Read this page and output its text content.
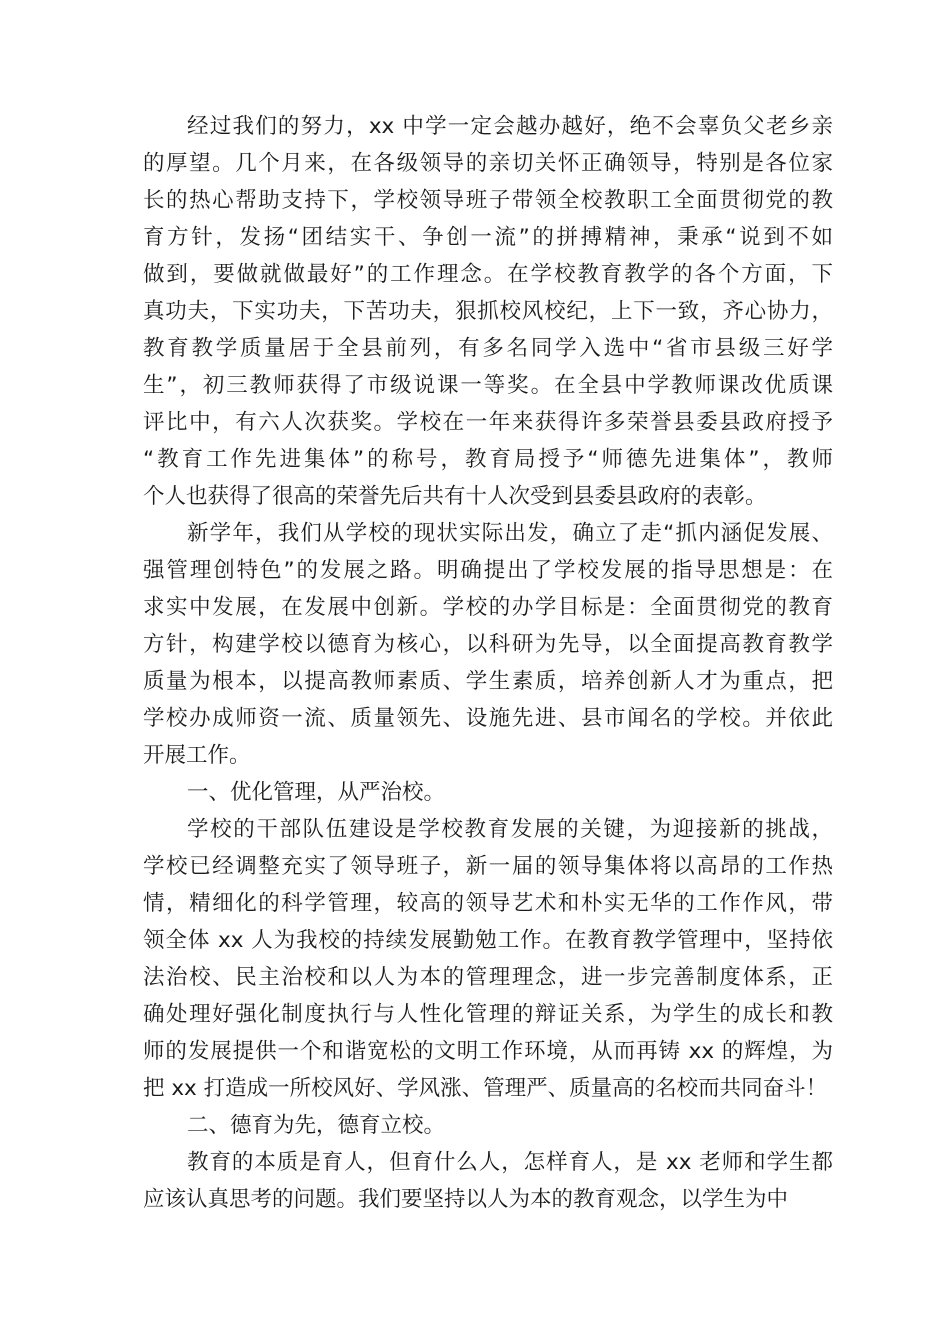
经过我们的努力，xx 中学一定会越办越好，绝不会辜负父老乡亲
的厚望。几个月来，在各级领导的亲切关怀正确领导，特别是各位家
长的热心帮助支持下，学校领导班子带领全校教职工全面贯彻党的教
育方针，发扬“团结实干、争创一流”的拼搏精神，秉承“说到不如
做到，要做就做最好”的工作理念。在学校教育教学的各个方面，下
真功夫，下实功夫，下苦功夫，狠抓校风校纪，上下一致，齐心协力，
教育教学质量居于全县前列，有多名同学入选中“省市县级三好学
生”，初三教师获得了市级说课一等奖。在全县中学教师课改优质课
评比中，有六人次获奖。学校在一年来获得许多荣誉县委县政府授予
“教育工作先进集体”的称号，教育局授予“师德先进集体”，教师
个人也获得了很高的荣誉先后共有十人次受到县委县政府的表彰。
新学年，我们从学校的现状实际出发，确立了走“抓内涵促发展、
强管理创特色”的发展之路。明确提出了学校发展的指导思想是：在
求实中发展，在发展中创新。学校的办学目标是：全面贯彻党的教育
方针，构建学校以德育为核心，以科研为先导，以全面提高教育教学
质量为根本，以提高教师素质、学生素质，培养创新人才为重点，把
学校办成师资一流、质量领先、设施先进、县市闻名的学校。并依此
开展工作。
一、优化管理，从严治校。
学校的干部队伍建设是学校教育发展的关键，为迎接新的挑战，
学校已经调整充实了领导班子，新一届的领导集体将以高昂的工作热
情，精细化的科学管理，较高的领导艺术和朴实无华的工作作风，带
领全体 xx 人为我校的持续发展勤勉工作。在教育教学管理中，坚持依
法治校、民主治校和以人为本的管理理念，进一步完善制度体系，正
确处理好强化制度执行与人性化管理的辩证关系，为学生的成长和教
师的发展提供一个和谐宽松的文明工作环境，从而再铸 xx 的辉煌，为
把 xx 打造成一所校风好、学风涨、管理严、质量高的名校而共同奋斗！
二、德育为先，德育立校。
教育的本质是育人，但育什么人，怎样育人，是 xx 老师和学生都
应该认真思考的问题。我们要坚持以人为本的教育观念，以学生为中
